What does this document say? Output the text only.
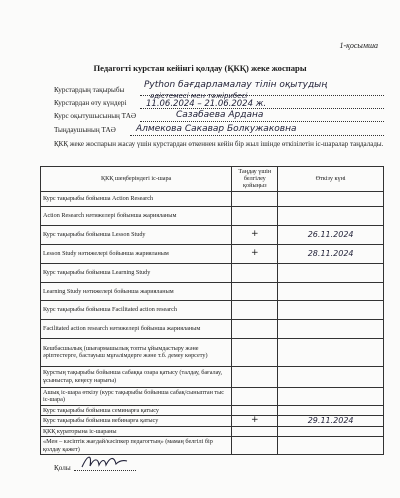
1-қосымша
Педагогті курстан кейінгі қолдау (ҚКҚ) жеке жоспары
Курстардың тақырыбы Python бағдарламалау тілін оқытудың
әдістемесі мен тәжірибесі
Курстардан өту күндері 11.06.2024 – 21.06.2024 ж.
Курс оқытушысының ТАӘ	Сазабаева Ардана
Тыңдаушының ТАӘ Алмекова Сакавар Болкужаковна
ҚКҚ жеке жоспарын жасау үшін курстардан өткеннен кейін бір жыл ішінде өткізілетін іс-шаралар таңдалады.
ҚКҚ шеңберіндегі іс-шара	Таңдау үшін белгілеу қойыңыз	Өткізу күні
Курс тақырыбы бойынша Action Research		
Action Research нәтижелері бойынша жарияланым		
Курс тақырыбы бойынша Lesson Study	+	26.11.2024
Lesson Study нәтижелері бойынша жарияланым	+	28.11.2024
Курс тақырыбы бойынша Learning Study		
Learning Study нәтижелері бойынша жарияланым		
Курс тақырыбы бойынша Facilitated action research		
Facilitated action research нәтижелері бойынша жарияланым		
Кешбасшылық (шығармашылық топты ұйымдастыру және әріптестерге, бастауыш мұғалімдерге және т.б. демеу көрсету)		
Курстың тақырыбы бойынша сабаққа озара қатысу (талдау, бағалау, ұсыныстар, кеңесу нарығы)		
Ашық іс-шара өткізу (курс тақырыбы бойынша сабақ/сыныптан тыс іс-шара)		
Курс тақырыбы бойынша семинарға қатысу		
Курс тақырыбы бойынша вебинарға қатысу	+	29.11.2024
ҚКҚ кураторына іс-шараны		
«Мен – кәсіптік жағдай/кәсіпкер педагогтың» (мамаң белгілі бір қолдау қажет)		
Қолы
